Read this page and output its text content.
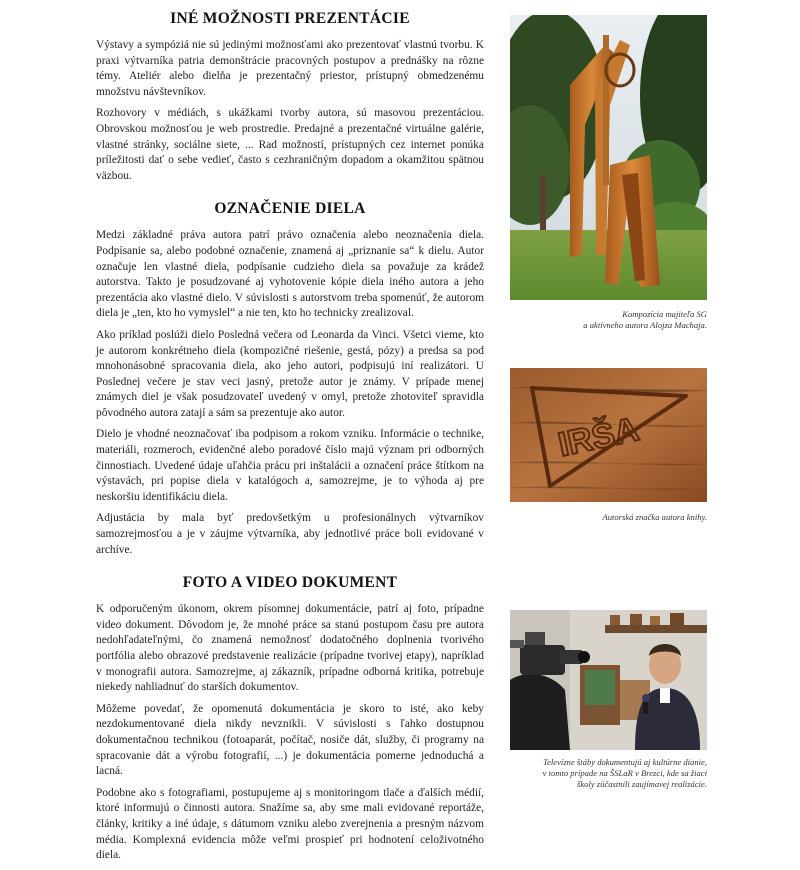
INÉ MOŽNOSTI PREZENTÁCIE

Výstavy a sympóziá nie sú jedinými možnosťami ako prezentovať vlastnú tvorbu. K praxi výtvarníka patria demonštrácie pracovných postupov a prednášky na rôzne témy. Ateliér alebo dielňa je prezentačný priestor, prístupný obmedzenému množstvu návštevníkov.

Rozhovory v médiách, s ukážkami tvorby autora, sú masovou prezentáciou. Obrovskou možnosťou je web prostredie. Predajné a prezentačné virtuálne galérie, vlastné stránky, sociálne siete, ... Rad možností, prístupných cez internet ponúka príležitosti dať o sebe vedieť, často s cezhraničným dopadom a okamžitou spätnou väzbou.

OZNAČENIE DIELA

Medzi základné práva autora patrí právo označenia alebo neoznačenia diela. Podpísanie sa, alebo podobné označenie, znamená aj „priznanie sa“ k dielu. Autor označuje len vlastné diela, podpísanie cudzieho diela sa považuje za krádež autorstva. Takto je posudzované aj vyhotovenie kópie diela iného autora a jeho prezentácia ako vlastné dielo. V súvislosti s autorstvom treba spomenúť, že autorom diela je „ten, kto ho vymyslel“ a nie ten, kto ho technicky zrealizoval.

Ako príklad poslúži dielo Posledná večera od Leonarda da Vinci. Všetci vieme, kto je autorom konkrétneho diela (kompozičné riešenie, gestá, pózy) a predsa sa pod mnohonásobné spracovania diela, ako jeho autori, podpisujú iní realizátori. U Poslednej večere je stav veci jasný, pretože autor je známy. V prípade menej známych diel je však posudzovateľ uvedený v omyl, pretože zhotoviteľ spravidla pôvodného autora zatají a sám sa prezentuje ako autor.

Dielo je vhodné neoznačovať iba podpisom a rokom vzniku. Informácie o technike, materiáli, rozmeroch, evidenčné alebo poradové číslo majú význam pri odborných činnostiach. Uvedené údaje uľahčia prácu pri inštalácii a označení práce štítkom na výstavách, pri popise diela v katalógoch a, samozrejme, je to výhoda aj pre neskoršiu identifikáciu diela.

Adjustácia by mala byť predovšetkým u profesionálnych výtvarníkov samozrejmosťou a je v záujme výtvarníka, aby jednotlivé práce boli evidované v archíve.

FOTO A VIDEO DOKUMENT

K odporučeným úkonom, okrem písomnej dokumentácie, patrí aj foto, prípadne video dokument. Dôvodom je, že mnohé práce sa stanú postupom času pre autora nedohľadateľnými, čo znamená nemožnosť dodatočného doplnenia tvorivého portfólia alebo obrazové predstavenie realizácie (prípadne tvorivej etapy), napríklad v monografii autora. Samozrejme, aj zákazník, prípadne odborná kritika, potrebuje niekedy nahliadnuť do starších dokumentov.

Môžeme povedať, že opomenutá dokumentácia je skoro to isté, ako keby nezdokumentované diela nikdy nevznikli. V súvislosti s ľahko dostupnou dokumentačnou technikou (fotoaparát, počítač, nosiče dát, služby, či programy na spracovanie dát a výrobu fotografií, ...) je dokumentácia pomerne jednoduchá a lacná.

Podobne ako s fotografiami, postupujeme aj s monitoringom tlače a ďalších médií, ktoré informujú o činnosti autora. Snažíme sa, aby sme mali evidované reportáže, články, kritiky a iné údaje, s dátumom vzniku alebo zverejnenia a presným názvom média. Komplexná evidencia môže veľmi prospieť pri hodnotení celoživotného diela.

Kompozícia majiteľa SG
a aktívneho autora Alojza Machaja.
IRŠA
Autorská značka autora knihy.
Televízne štáby dokumentujú aj kultúrne dianie,
v tomto prípade na ŠSLaR v Brezci, kde sa žiaci
školy zúčastnili zaujímavej realizácie.
